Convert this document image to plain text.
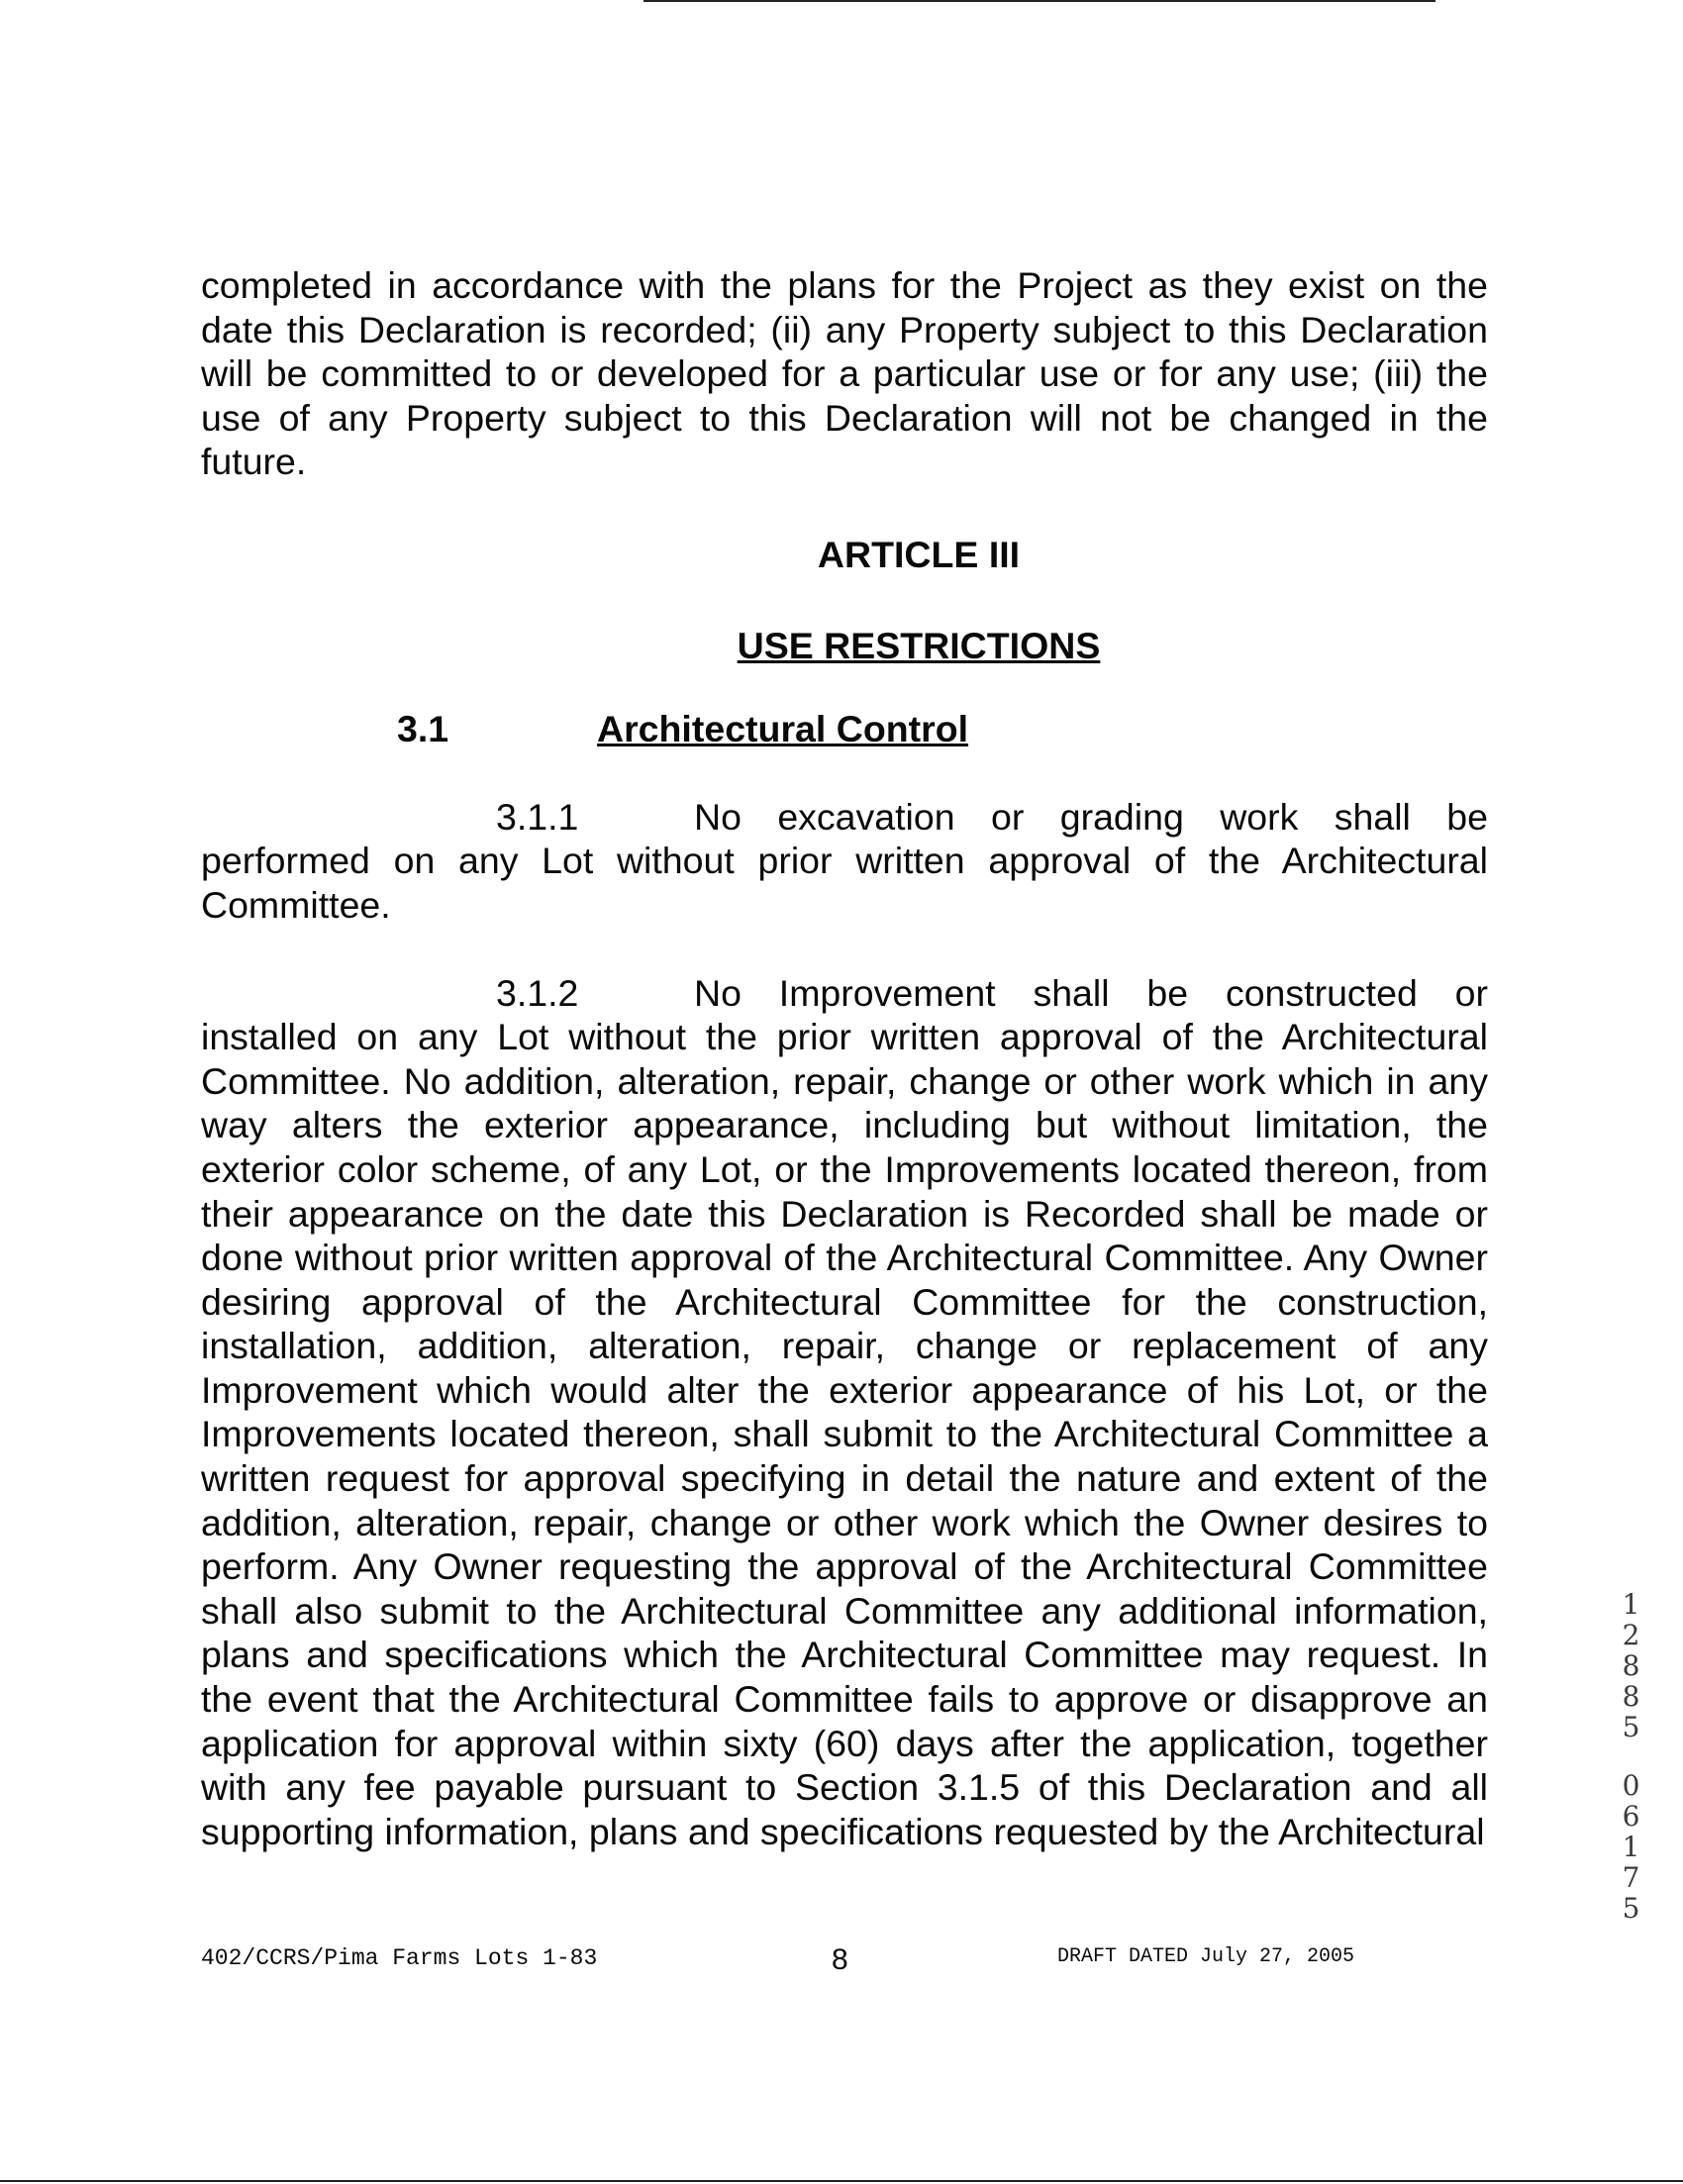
completed in accordance with the plans for the Project as they exist on the date this Declaration is recorded; (ii) any Property subject to this Declaration will be committed to or developed for a particular use or for any use; (iii) the use of any Property subject to this Declaration will not be changed in the future.

ARTICLE III

USE RESTRICTIONS

3.1	Architectural Control
3.1.1	No excavation or grading work shall be
performed on any Lot without prior written approval of the Architectural Committee.
3.1.2	No Improvement shall be constructed or
installed on any Lot without the prior written approval of the Architectural Committee. No addition, alteration, repair, change or other work which in any way alters the exterior appearance, including but without limitation, the exterior color scheme, of any Lot, or the Improvements located thereon, from their appearance on the date this Declaration is Recorded shall be made or done without prior written approval of the Architectural Committee. Any Owner desiring approval of the Architectural Committee for the construction, installation, addition, alteration, repair, change or replacement of any Improvement which would alter the exterior appearance of his Lot, or the Improvements located thereon, shall submit to the Architectural Committee a written request for approval specifying in detail the nature and extent of the addition, alteration, repair, change or other work which the Owner desires to perform. Any Owner requesting the approval of the Architectural Committee shall also submit to the Architectural Committee any additional information, plans and specifications which the Architectural Committee may request. In the event that the Architectural Committee fails to approve or disapprove an application for approval within sixty (60) days after the application, together with any fee payable pursuant to Section 3.1.5 of this Declaration and all supporting information, plans and specifications requested by the Architectural
402/CCRS/Pima Farms Lots 1-83	8	DRAFT DATED July 27, 2005
1288506175
